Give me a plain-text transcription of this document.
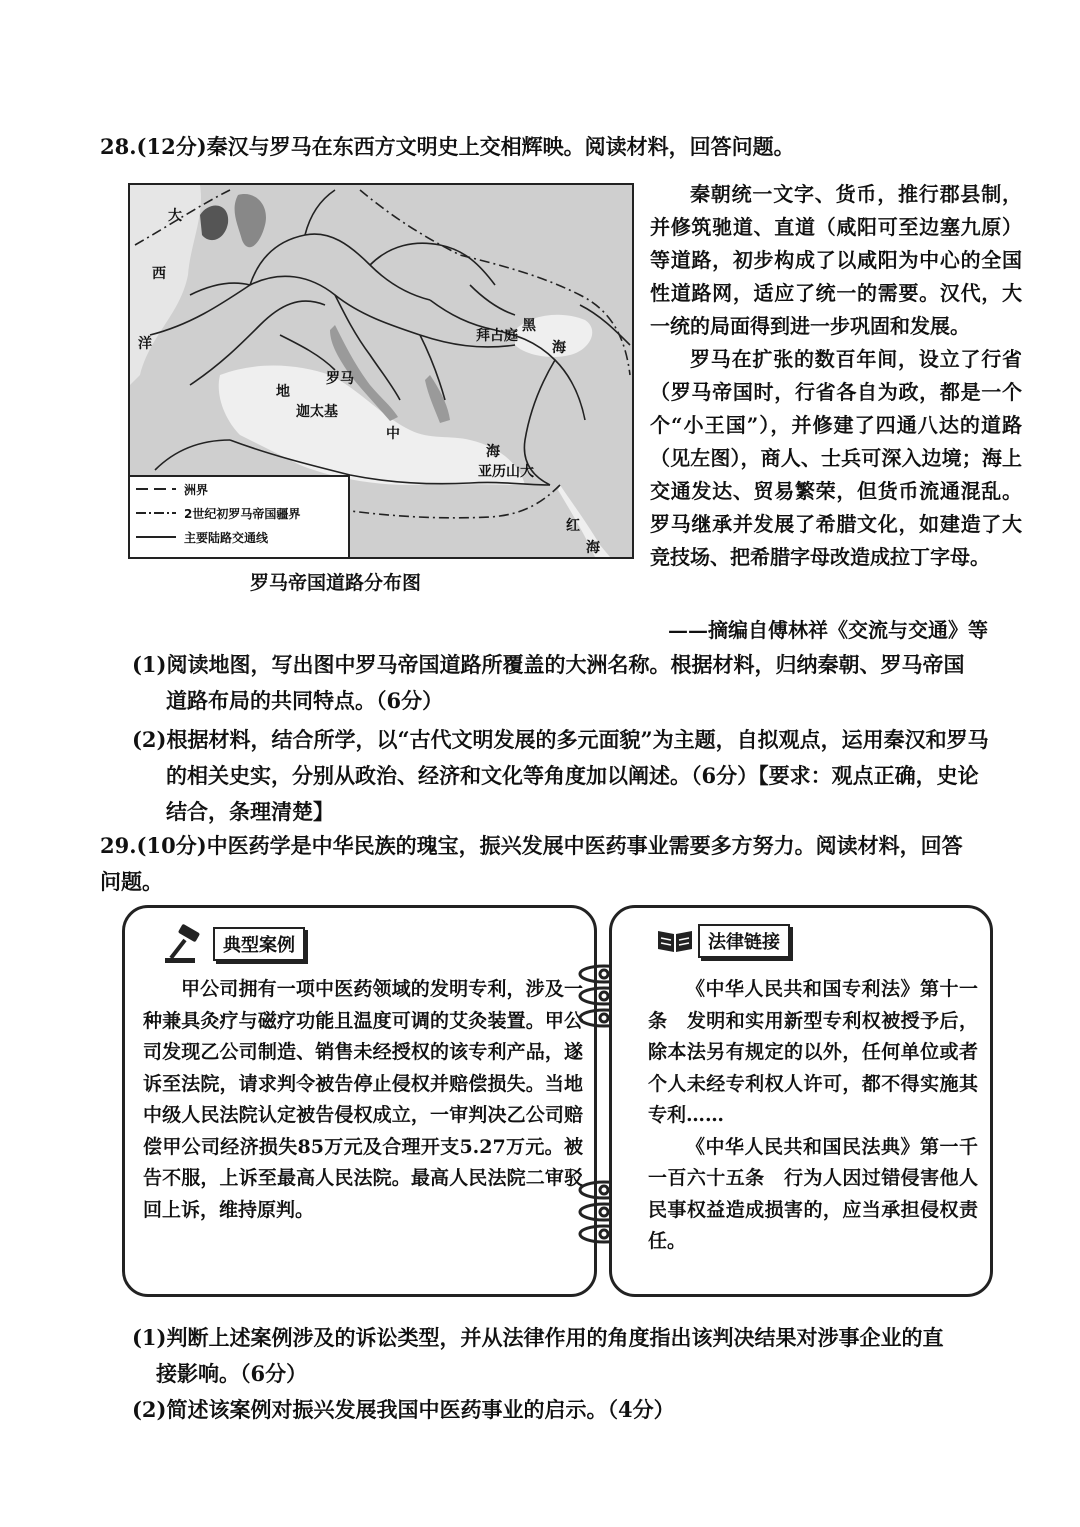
28.(12分)秦汉与罗马在东西方文明史上交相辉映。阅读材料，回答问题。
大
西
洋
黑
海
拜占庭
罗马
迦太基
地
中
海
亚历山大
红
海
洲界
2世纪初罗马帝国疆界
主要陆路交通线
罗马帝国道路分布图

秦朝统一文字、货币，推行郡县制，并修筑驰道、直道（咸阳可至边塞九原）等道路，初步构成了以咸阳为中心的全国性道路网，适应了统一的需要。汉代，大一统的局面得到进一步巩固和发展。

罗马在扩张的数百年间，设立了行省（罗马帝国时，行省各自为政，都是一个个“小王国”），并修建了四通八达的道路（见左图），商人、士兵可深入边境；海上交通发达、贸易繁荣，但货币流通混乱。罗马继承并发展了希腊文化，如建造了大竞技场、把希腊字母改造成拉丁字母。

——摘编自傅林祥《交流与交通》等
(1)阅读地图，写出图中罗马帝国道路所覆盖的大洲名称。根据材料，归纳秦朝、罗马帝国
道路布局的共同特点。（6分）
(2)根据材料，结合所学，以“古代文明发展的多元面貌”为主题，自拟观点，运用秦汉和罗马
的相关史实，分别从政治、经济和文化等角度加以阐述。（6分）【要求：观点正确，史论
结合，条理清楚】
29.(10分)中医药学是中华民族的瑰宝，振兴发展中医药事业需要多方努力。阅读材料，回答
问题。
典型案例

甲公司拥有一项中医药领域的发明专利，涉及一种兼具灸疗与磁疗功能且温度可调的艾灸装置。甲公司发现乙公司制造、销售未经授权的该专利产品，遂诉至法院，请求判令被告停止侵权并赔偿损失。当地中级人民法院认定被告侵权成立，一审判决乙公司赔偿甲公司经济损失85万元及合理开支5.27万元。被告不服，上诉至最高人民法院。最高人民法院二审驳回上诉，维持原判。

法律链接

《中华人民共和国专利法》第十一条　发明和实用新型专利权被授予后，除本法另有规定的以外，任何单位或者个人未经专利权人许可，都不得实施其专利……

《中华人民共和国民法典》第一千一百六十五条　行为人因过错侵害他人民事权益造成损害的，应当承担侵权责任。

(1)判断上述案例涉及的诉讼类型，并从法律作用的角度指出该判决结果对涉事企业的直
接影响。（6分）
(2)简述该案例对振兴发展我国中医药事业的启示。（4分）
